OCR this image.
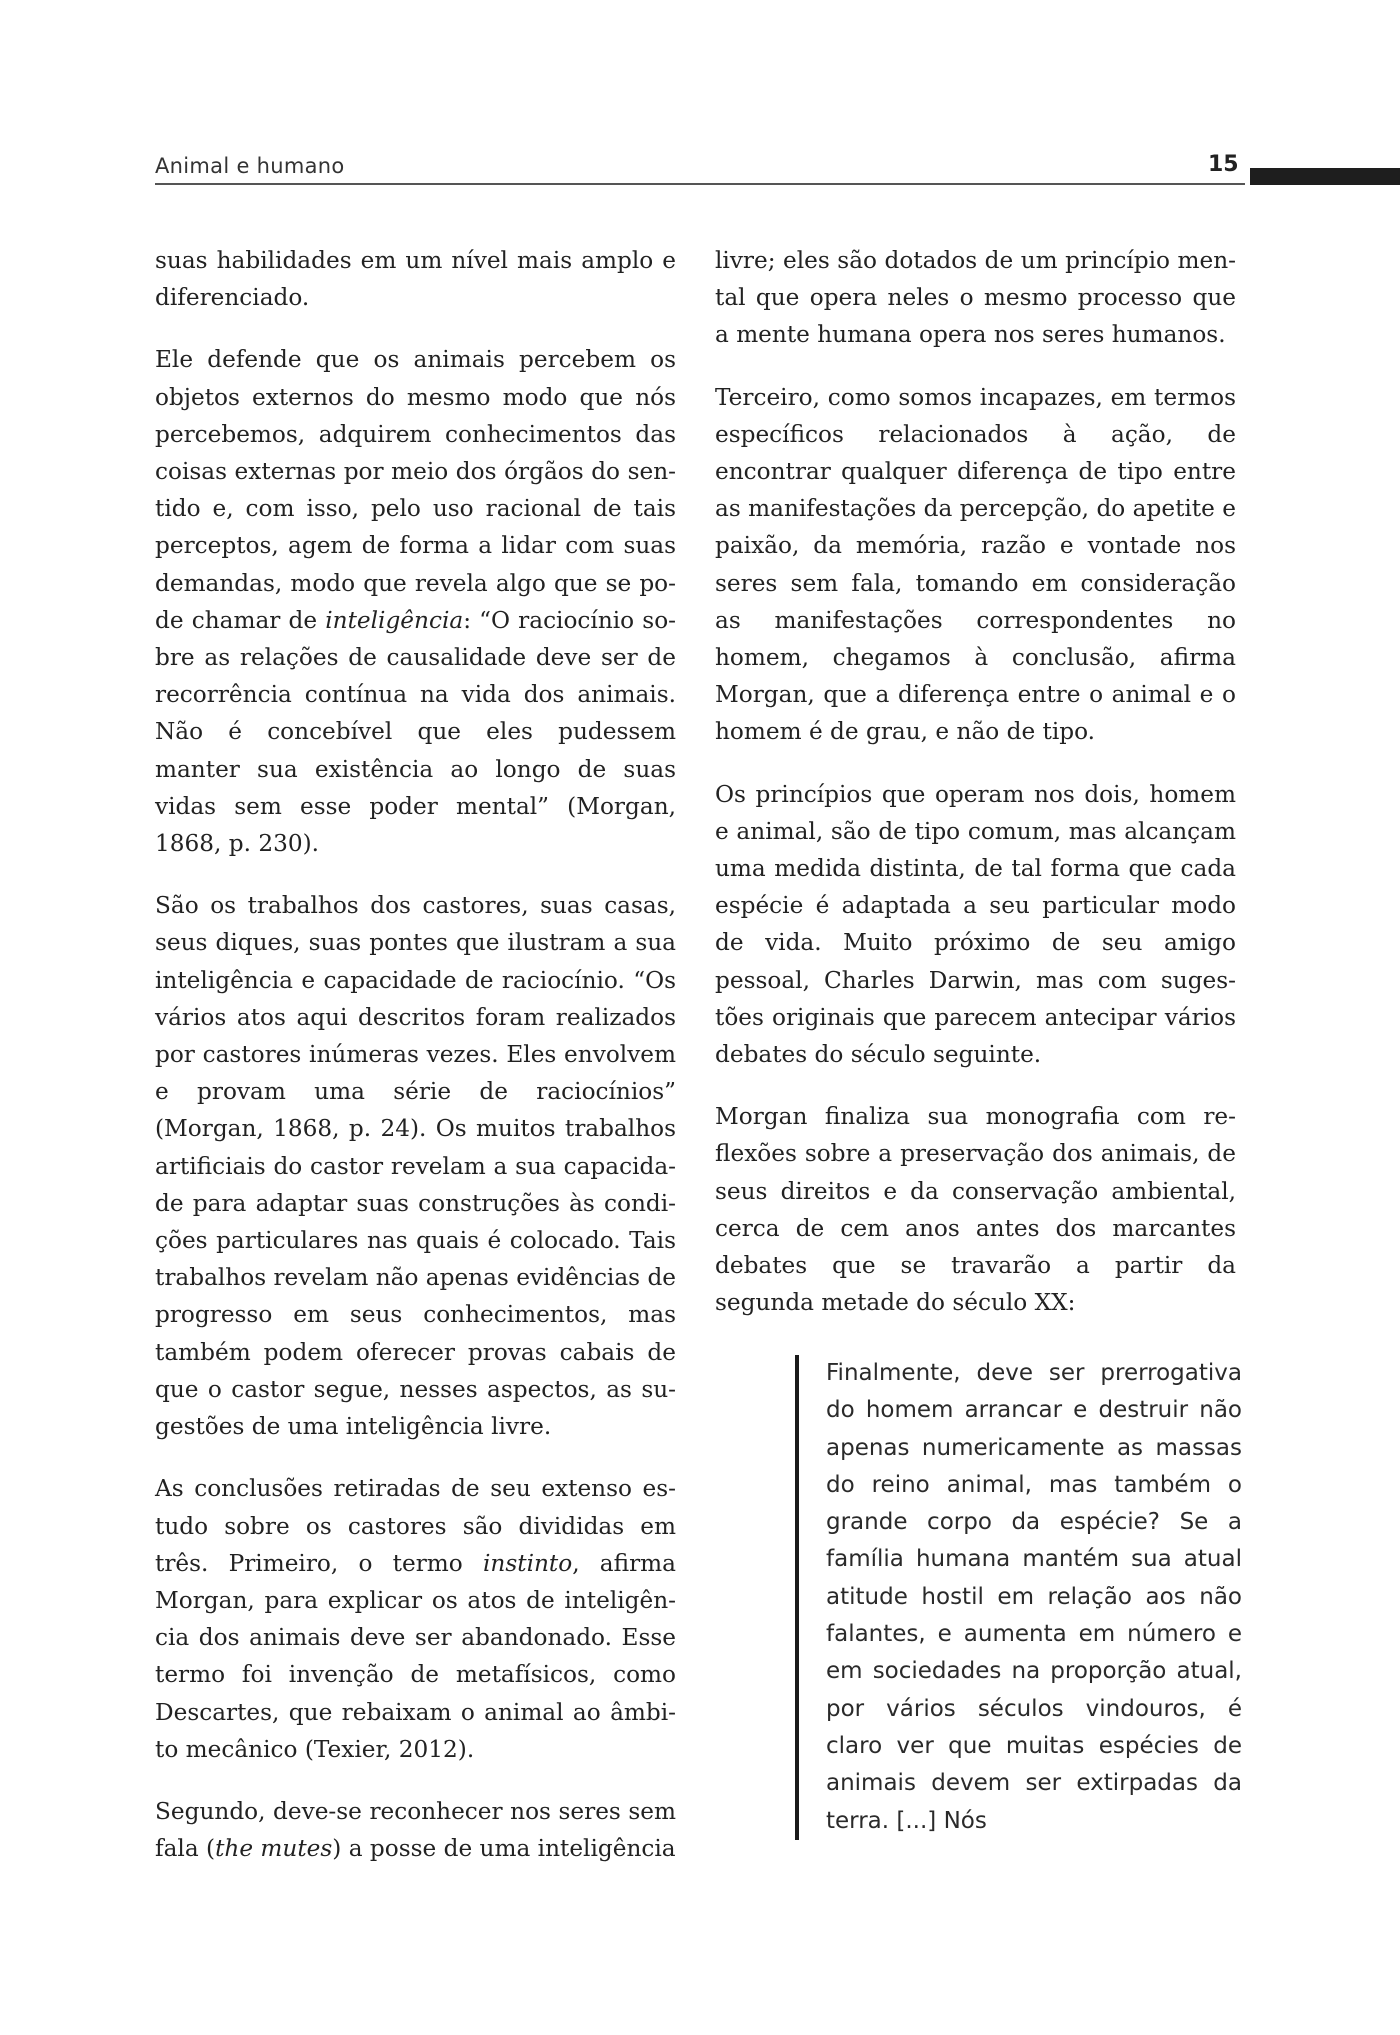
Animal e humano	15

suas habilidades em um nível mais amplo e diferenciado.

Ele defende que os animais percebem os objetos externos do mesmo modo que nós percebemos, adquirem conhecimentos das coisas externas por meio dos órgãos do sentido e, com isso, pelo uso racional de tais perceptos, agem de forma a lidar com suas demandas, modo que revela algo que se pode chamar de inteligência: “O raciocínio sobre as relações de causalidade deve ser de recorrência contínua na vida dos animais. Não é concebível que eles pudessem manter sua existência ao longo de suas vidas sem esse poder mental” (Morgan, 1868, p. 230).

São os trabalhos dos castores, suas casas, seus diques, suas pontes que ilustram a sua inteligência e capacidade de raciocínio. “Os vários atos aqui descritos foram realizados por castores inúmeras vezes. Eles envolvem e provam uma série de raciocínios” (Morgan, 1868, p. 24). Os muitos trabalhos artificiais do castor revelam a sua capacidade para adaptar suas construções às condições particulares nas quais é colocado. Tais trabalhos revelam não apenas evidências de progresso em seus conhecimentos, mas também podem oferecer provas cabais de que o castor segue, nesses aspectos, as sugestões de uma inteligência livre.

As conclusões retiradas de seu extenso estudo sobre os castores são divididas em três. Primeiro, o termo instinto, afirma Morgan, para explicar os atos de inteligência dos animais deve ser abandonado. Esse termo foi invenção de metafísicos, como Descartes, que rebaixam o animal ao âmbito mecânico (Texier, 2012).

Segundo, deve-se reconhecer nos seres sem fala (the mutes) a posse de uma inteligência

livre; eles são dotados de um princípio mental que opera neles o mesmo processo que a mente humana opera nos seres humanos.

Terceiro, como somos incapazes, em termos específicos relacionados à ação, de encontrar qualquer diferença de tipo entre as manifestações da percepção, do apetite e paixão, da memória, razão e vontade nos seres sem fala, tomando em consideração as manifestações correspondentes no homem, chegamos à conclusão, afirma Morgan, que a diferença entre o animal e o homem é de grau, e não de tipo.

Os princípios que operam nos dois, homem e animal, são de tipo comum, mas alcançam uma medida distinta, de tal forma que cada espécie é adaptada a seu particular modo de vida. Muito próximo de seu amigo pessoal, Charles Darwin, mas com sugestões originais que parecem antecipar vários debates do século seguinte.

Morgan finaliza sua monografia com reflexões sobre a preservação dos animais, de seus direitos e da conservação ambiental, cerca de cem anos antes dos marcantes debates que se travarão a partir da segunda metade do século XX:

Finalmente, deve ser prerrogativa do homem arrancar e destruir não apenas numericamente as massas do reino animal, mas também o grande corpo da espécie? Se a família humana mantém sua atual atitude hostil em relação aos não falantes, e aumenta em número e em sociedades na proporção atual, por vários séculos vindouros, é claro ver que muitas espécies de animais devem ser extirpadas da terra. [...] Nós
